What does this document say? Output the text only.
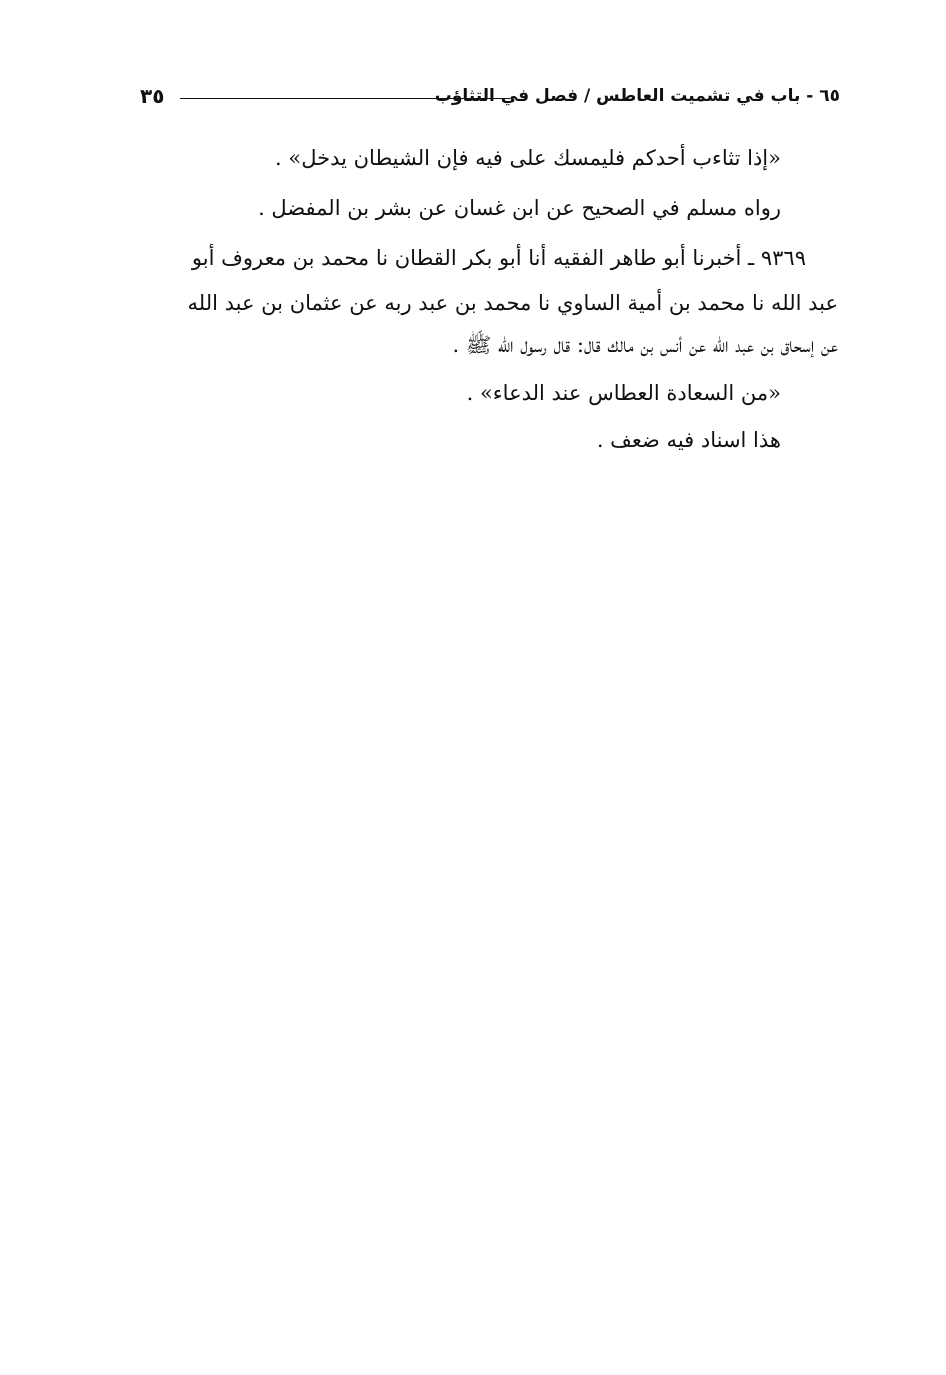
٦٥ - باب في تشميت العاطس / فصل في التثاؤب
٣٥
«إذا تثاءب أحدكم فليمسك على فيه فإن الشيطان يدخل» .
رواه مسلم في الصحيح عن ابن غسان عن بشر بن المفضل .
٩٣٦٩ ـ أخبرنا أبو طاهر الفقيه أنا أبو بكر القطان نا محمد بن معروف أبو
عبد الله نا محمد بن أمية الساوي نا محمد بن عبد ربه عن عثمان بن عبد الله
عن إسحاق بن عبد الله عن أنس بن مالك قال: قال رسول الله ﷺ .
«من السعادة العطاس عند الدعاء» .
هذا اسناد فيه ضعف .
